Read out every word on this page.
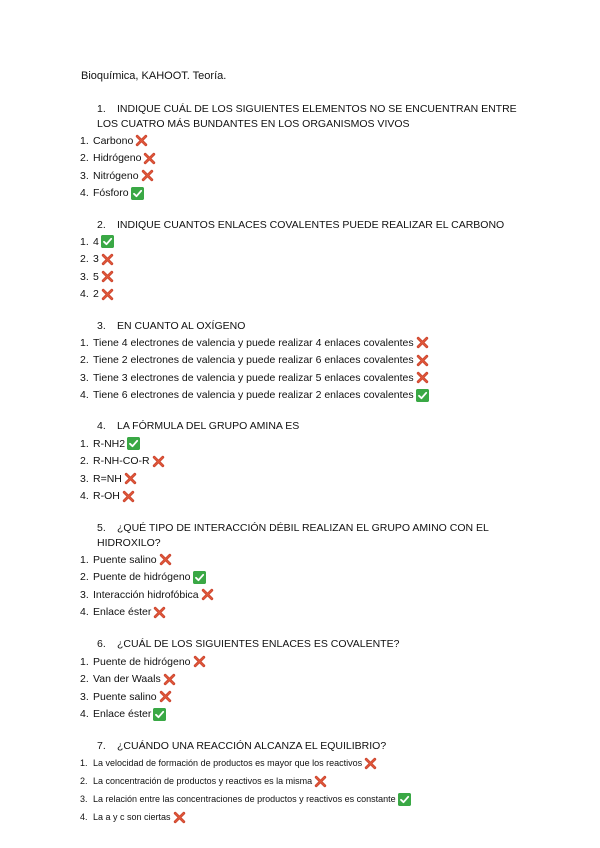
Bioquímica, KAHOOT. Teoría.
1. INDIQUE CUÁL DE LOS SIGUIENTES ELEMENTOS NO SE ENCUENTRAN ENTRE LOS CUATRO MÁS BUNDANTES EN LOS ORGANISMOS VIVOS
1. Carbono
2. Hidrógeno
3. Nitrógeno
4. Fósforo
2. INDIQUE CUANTOS ENLACES COVALENTES PUEDE REALIZAR EL CARBONO
1. 4
2. 3
3. 5
4. 2
3. EN CUANTO AL OXÍGENO
1. Tiene 4 electrones de valencia y puede realizar 4 enlaces covalentes
2. Tiene 2 electrones de valencia y puede realizar 6 enlaces covalentes
3. Tiene 3 electrones de valencia y puede realizar 5 enlaces covalentes
4. Tiene 6 electrones de valencia y puede realizar 2 enlaces covalentes
4. LA FÓRMULA DEL GRUPO AMINA ES
1. R-NH2
2. R-NH-CO-R
3. R=NH
4. R-OH
5. ¿QUÉ TIPO DE INTERACCIÓN DÉBIL REALIZAN EL GRUPO AMINO CON EL HIDROXILO?
1. Puente salino
2. Puente de hidrógeno
3. Interacción hidrofóbica
4. Enlace éster
6. ¿CUÁL DE LOS SIGUIENTES ENLACES ES COVALENTE?
1. Puente de hidrógeno
2. Van der Waals
3. Puente salino
4. Enlace éster
7. ¿CUÁNDO UNA REACCIÓN ALCANZA EL EQUILIBRIO?
1. La velocidad de formación de productos es mayor que los reactivos
2. La concentración de productos y reactivos es la misma
3. La relación entre las concentraciones de productos y reactivos es constante
4. La a y c son ciertas
